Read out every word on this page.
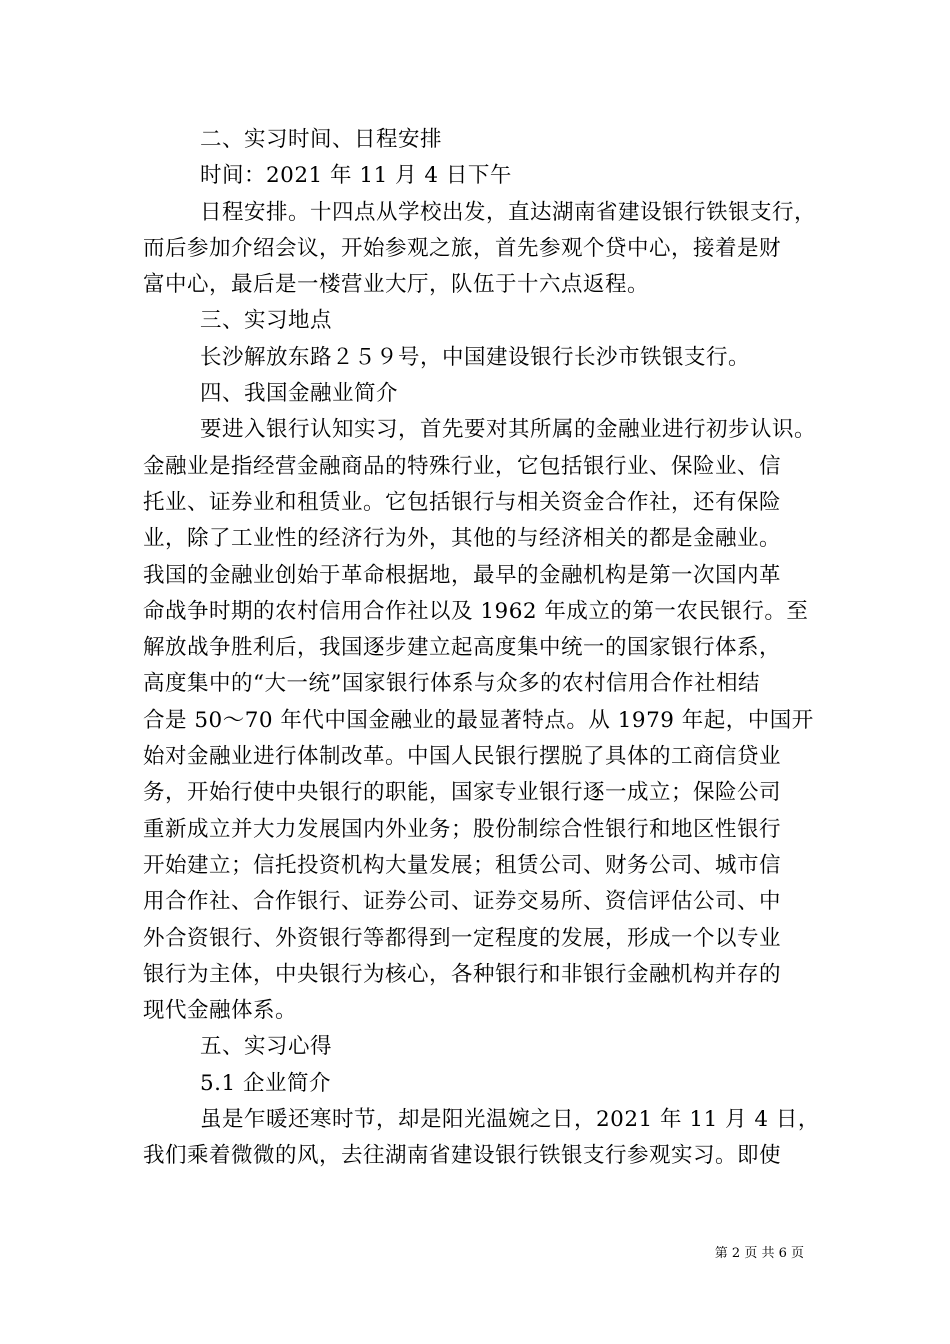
二、实习时间、日程安排
时间：2021 年 11 月 4 日下午
日程安排。十四点从学校出发，直达湖南省建设银行铁银支行，
而后参加介绍会议，开始参观之旅，首先参观个贷中心，接着是财
富中心，最后是一楼营业大厅，队伍于十六点返程。
三、实习地点
长沙解放东路２５９号，中国建设银行长沙市铁银支行。
四、我国金融业简介
要进入银行认知实习，首先要对其所属的金融业进行初步认识。
金融业是指经营金融商品的特殊行业，它包括银行业、保险业、信
托业、证券业和租赁业。它包括银行与相关资金合作社，还有保险
业，除了工业性的经济行为外，其他的与经济相关的都是金融业。
我国的金融业创始于革命根据地，最早的金融机构是第一次国内革
命战争时期的农村信用合作社以及 1962 年成立的第一农民银行。至
解放战争胜利后，我国逐步建立起高度集中统一的国家银行体系，
高度集中的“大一统”国家银行体系与众多的农村信用合作社相结
合是 50～70 年代中国金融业的最显著特点。从 1979 年起，中国开
始对金融业进行体制改革。中国人民银行摆脱了具体的工商信贷业
务，开始行使中央银行的职能，国家专业银行逐一成立；保险公司
重新成立并大力发展国内外业务；股份制综合性银行和地区性银行
开始建立；信托投资机构大量发展；租赁公司、财务公司、城市信
用合作社、合作银行、证券公司、证券交易所、资信评估公司、中
外合资银行、外资银行等都得到一定程度的发展，形成一个以专业
银行为主体，中央银行为核心，各种银行和非银行金融机构并存的
现代金融体系。
五、实习心得
5.1 企业简介
虽是乍暖还寒时节，却是阳光温婉之日，2021 年 11 月 4 日，
我们乘着微微的风，去往湖南省建设银行铁银支行参观实习。即使
第 2 页 共 6 页
